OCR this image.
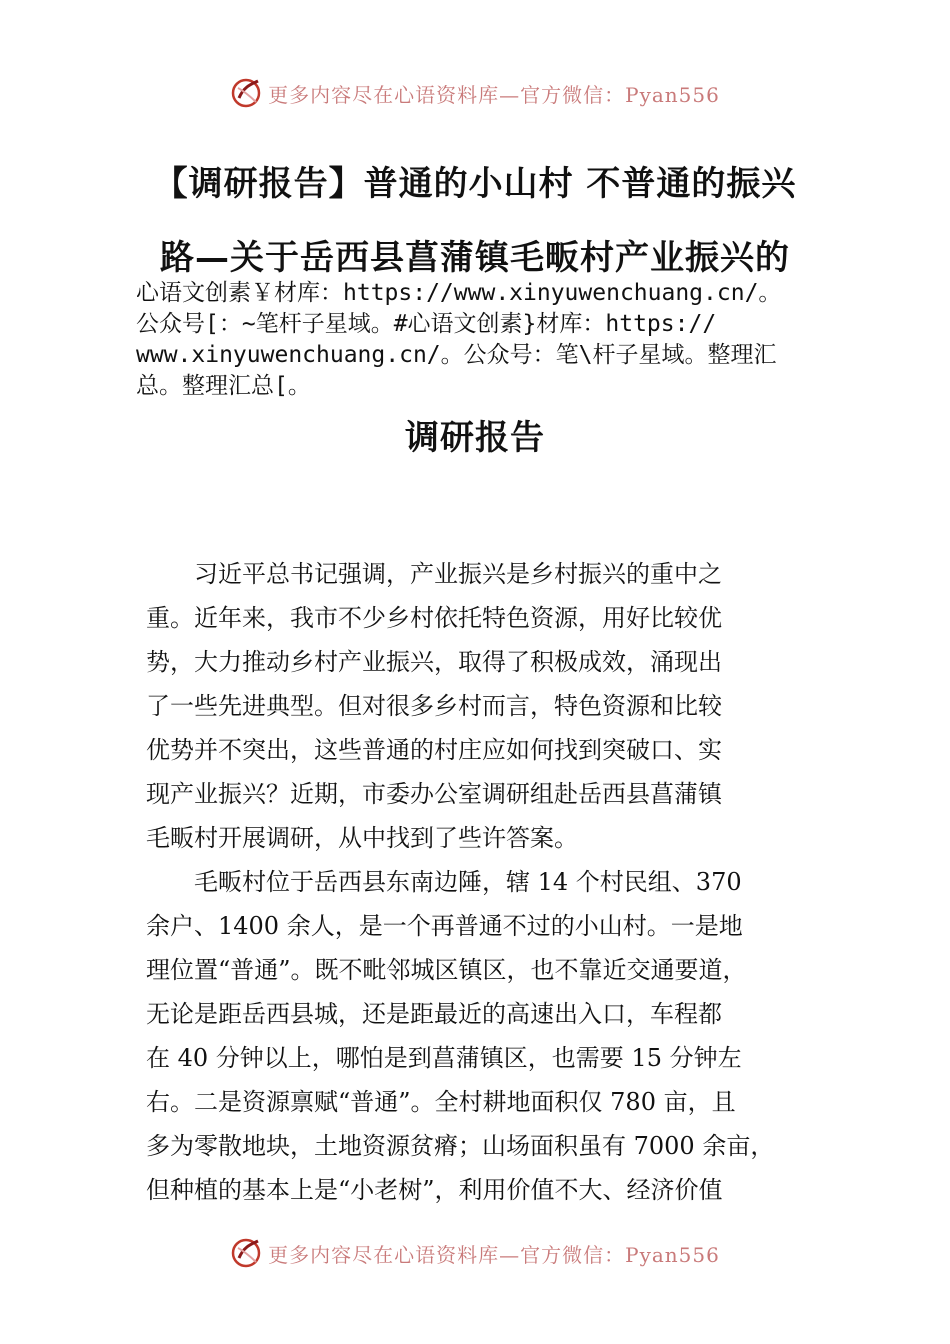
更多内容尽在心语资料库—官方微信：Pyan556
【调研报告】普通的小山村 不普通的振兴
路—关于岳西县菖蒲镇毛畈村产业振兴的
心语文创素￥材库：https://www.xinyuwenchuang.cn/。
公众号[：~笔杆子星域。#心语文创素}材库：https://
www.xinyuwenchuang.cn/。公众号：笔\杆子星域。整理汇
总。整理汇总[。
调研报告
　　习近平总书记强调，产业振兴是乡村振兴的重中之
重。近年来，我市不少乡村依托特色资源，用好比较优
势，大力推动乡村产业振兴，取得了积极成效，涌现出
了一些先进典型。但对很多乡村而言，特色资源和比较
优势并不突出，这些普通的村庄应如何找到突破口、实
现产业振兴？近期，市委办公室调研组赴岳西县菖蒲镇
毛畈村开展调研，从中找到了些许答案。
　　毛畈村位于岳西县东南边陲，辖 14 个村民组、370
余户、1400 余人，是一个再普通不过的小山村。一是地
理位置“普通”。既不毗邻城区镇区，也不靠近交通要道，
无论是距岳西县城，还是距最近的高速出入口，车程都
在 40 分钟以上，哪怕是到菖蒲镇区，也需要 15 分钟左
右。二是资源禀赋“普通”。全村耕地面积仅 780 亩，且
多为零散地块，土地资源贫瘠；山场面积虽有 7000 余亩，
但种植的基本上是“小老树”，利用价值不大、经济价值
更多内容尽在心语资料库—官方微信：Pyan556
